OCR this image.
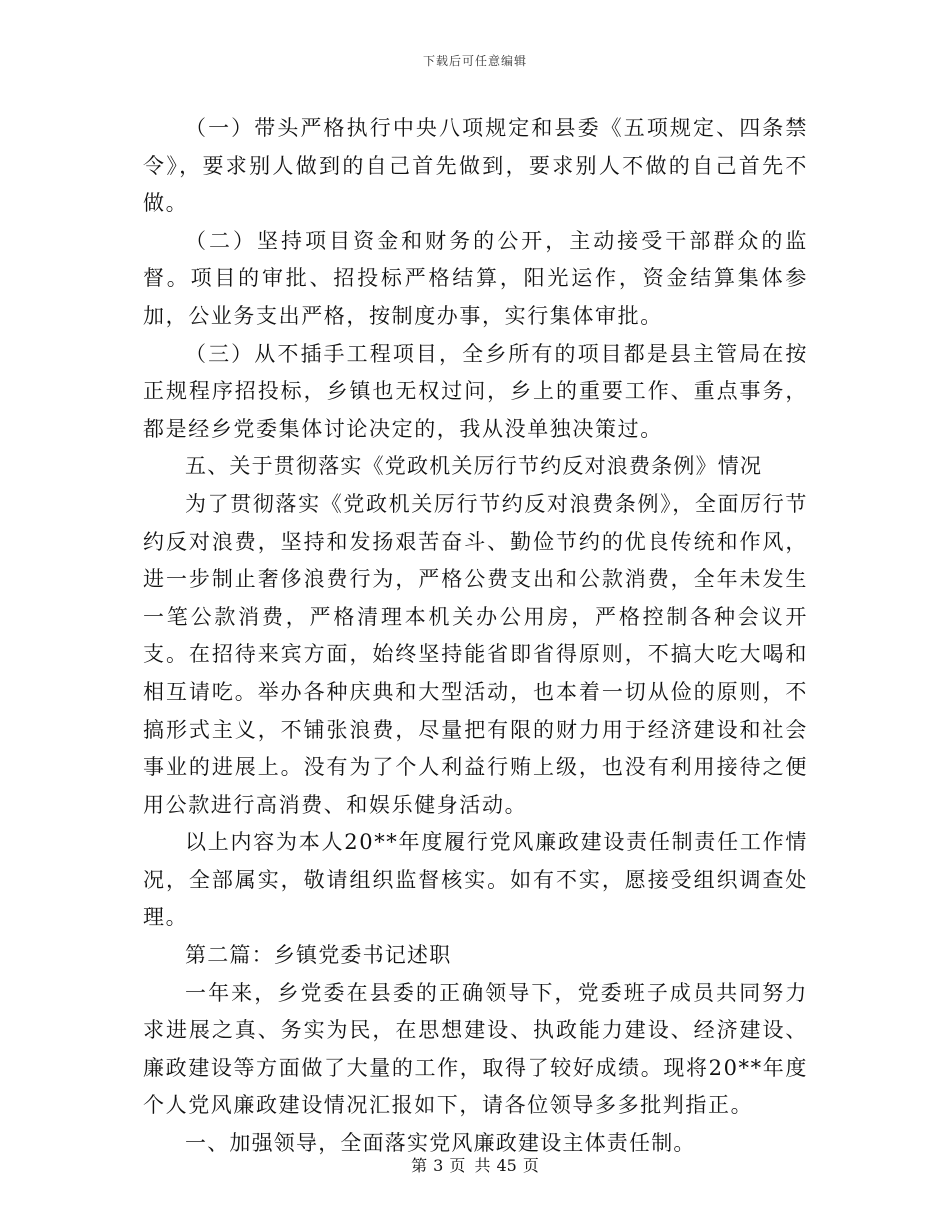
下载后可任意编辑

（一）带头严格执行中央八项规定和县委《五项规定、四条禁令》，要求别人做到的自己首先做到，要求别人不做的自己首先不做。

（二）坚持项目资金和财务的公开，主动接受干部群众的监督。项目的审批、招投标严格结算，阳光运作，资金结算集体参加，公业务支出严格，按制度办事，实行集体审批。

（三）从不插手工程项目，全乡所有的项目都是县主管局在按正规程序招投标，乡镇也无权过问，乡上的重要工作、重点事务，都是经乡党委集体讨论决定的，我从没单独决策过。

五、关于贯彻落实《党政机关厉行节约反对浪费条例》情况

为了贯彻落实《党政机关厉行节约反对浪费条例》，全面厉行节约反对浪费，坚持和发扬艰苦奋斗、勤俭节约的优良传统和作风，进一步制止奢侈浪费行为，严格公费支出和公款消费，全年未发生一笔公款消费，严格清理本机关办公用房，严格控制各种会议开支。在招待来宾方面，始终坚持能省即省得原则，不搞大吃大喝和相互请吃。举办各种庆典和大型活动，也本着一切从俭的原则，不搞形式主义，不铺张浪费，尽量把有限的财力用于经济建设和社会事业的进展上。没有为了个人利益行贿上级，也没有利用接待之便用公款进行高消费、和娱乐健身活动。

以上内容为本人20**年度履行党风廉政建设责任制责任工作情况，全部属实，敬请组织监督核实。如有不实，愿接受组织调查处理。

第二篇：乡镇党委书记述职

一年来，乡党委在县委的正确领导下，党委班子成员共同努力求进展之真、务实为民，在思想建设、执政能力建设、经济建设、廉政建设等方面做了大量的工作，取得了较好成绩。现将20**年度个人党风廉政建设情况汇报如下，请各位领导多多批判指正。

一、加强领导，全面落实党风廉政建设主体责任制。

第 3 页 共 45 页
